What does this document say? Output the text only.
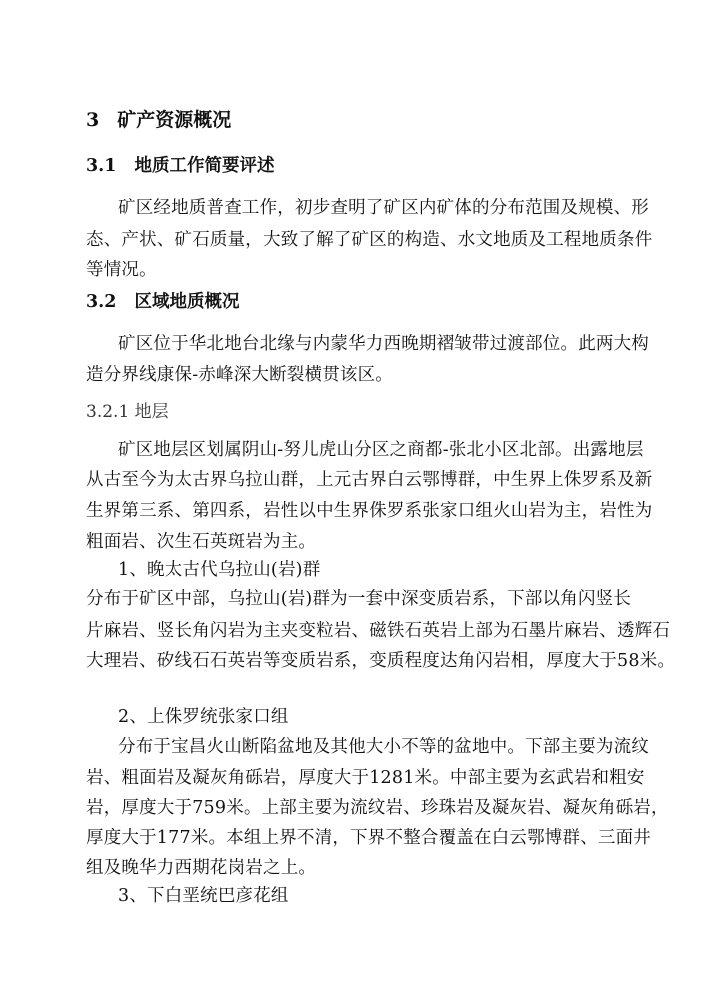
3 矿产资源概况
3.1 地质工作简要评述
矿区经地质普查工作，初步查明了矿区内矿体的分布范围及规模、形
态、产状、矿石质量，大致了解了矿区的构造、水文地质及工程地质条件
等情况。
3.2 区域地质概况
矿区位于华北地台北缘与内蒙华力西晚期褶皱带过渡部位。此两大构
造分界线康保-赤峰深大断裂横贯该区。
3.2.1 地层
矿区地层区划属阴山-努儿虎山分区之商都-张北小区北部。出露地层
从古至今为太古界乌拉山群，上元古界白云鄂博群，中生界上侏罗系及新
生界第三系、第四系，岩性以中生界侏罗系张家口组火山岩为主，岩性为
粗面岩、次生石英斑岩为主。
1、晚太古代乌拉山(岩)群
分布于矿区中部，乌拉山(岩)群为一套中深变质岩系，下部以角闪竖长
片麻岩、竖长角闪岩为主夹变粒岩、磁铁石英岩上部为石墨片麻岩、透辉石
大理岩、矽线石石英岩等变质岩系，变质程度达角闪岩相，厚度大于58米。
2、上侏罗统张家口组
分布于宝昌火山断陷盆地及其他大小不等的盆地中。下部主要为流纹
岩、粗面岩及凝灰角砾岩，厚度大于1281米。中部主要为玄武岩和粗安
岩，厚度大于759米。上部主要为流纹岩、珍珠岩及凝灰岩、凝灰角砾岩，
厚度大于177米。本组上界不清，下界不整合覆盖在白云鄂博群、三面井
组及晚华力西期花岗岩之上。
3、下白垩统巴彦花组
